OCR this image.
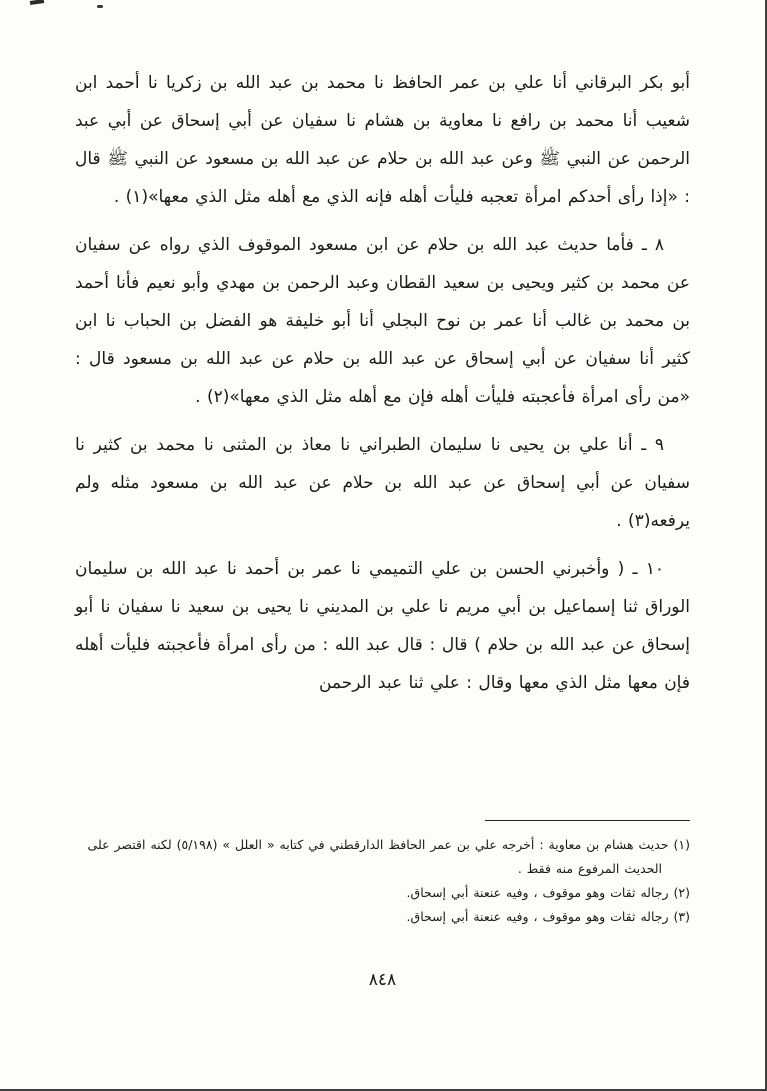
أبو بكر البرقاني أنا علي بن عمر الحافظ نا محمد بن عبد الله بن زكريا نا أحمد ابن شعيب أنا محمد بن رافع نا معاوية بن هشام نا سفيان عن أبي إسحاق عن أبي عبد الرحمن عن النبي ﷺ وعن عبد الله بن حلام عن عبد الله بن مسعود عن النبي ﷺ قال : «إذا رأى أحدكم امرأة تعجبه فليأت أهله فإنه الذي مع أهله مثل الذي معها»(١) .

٨ ـ فأما حديث عبد الله بن حلام عن ابن مسعود الموقوف الذي رواه عن سفيان عن محمد بن كثير ويحيى بن سعيد القطان وعبد الرحمن بن مهدي وأبو نعيم فأنا أحمد بن محمد بن غالب أنا عمر بن نوح البجلي أنا أبو خليفة هو الفضل بن الحباب نا ابن كثير أنا سفيان عن أبي إسحاق عن عبد الله بن حلام عن عبد الله بن مسعود قال : «من رأى امرأة فأعجبته فليأت أهله فإن مع أهله مثل الذي معها»(٢) .

٩ ـ أنا علي بن يحيى نا سليمان الطبراني نا معاذ بن المثنى نا محمد بن كثير نا سفيان عن أبي إسحاق عن عبد الله بن حلام عن عبد الله بن مسعود مثله ولم يرفعه(٣) .

١٠ ـ ( وأخبرني الحسن بن علي التميمي نا عمر بن أحمد نا عبد الله بن سليمان الوراق ثنا إسماعيل بن أبي مريم نا علي بن المديني نا يحيى بن سعيد نا سفيان نا أبو إسحاق عن عبد الله بن حلام ) قال : قال عبد الله : من رأى امرأة فأعجبته فليأت أهله فإن معها مثل الذي معها وقال : علي ثنا عبد الرحمن

(١) حديث هشام بن معاوية : أخرجه علي بن عمر الحافظ الدارقطني في كتابه « العلل » (٥/١٩٨) لكنه اقتصر على الحديث المرفوع منه فقط .

(٢) رجاله ثقات وهو موقوف ، وفيه عنعنة أبي إسحاق.

(٣) رجاله ثقات وهو موقوف ، وفيه عنعنة أبي إسحاق.

٨٤٨
